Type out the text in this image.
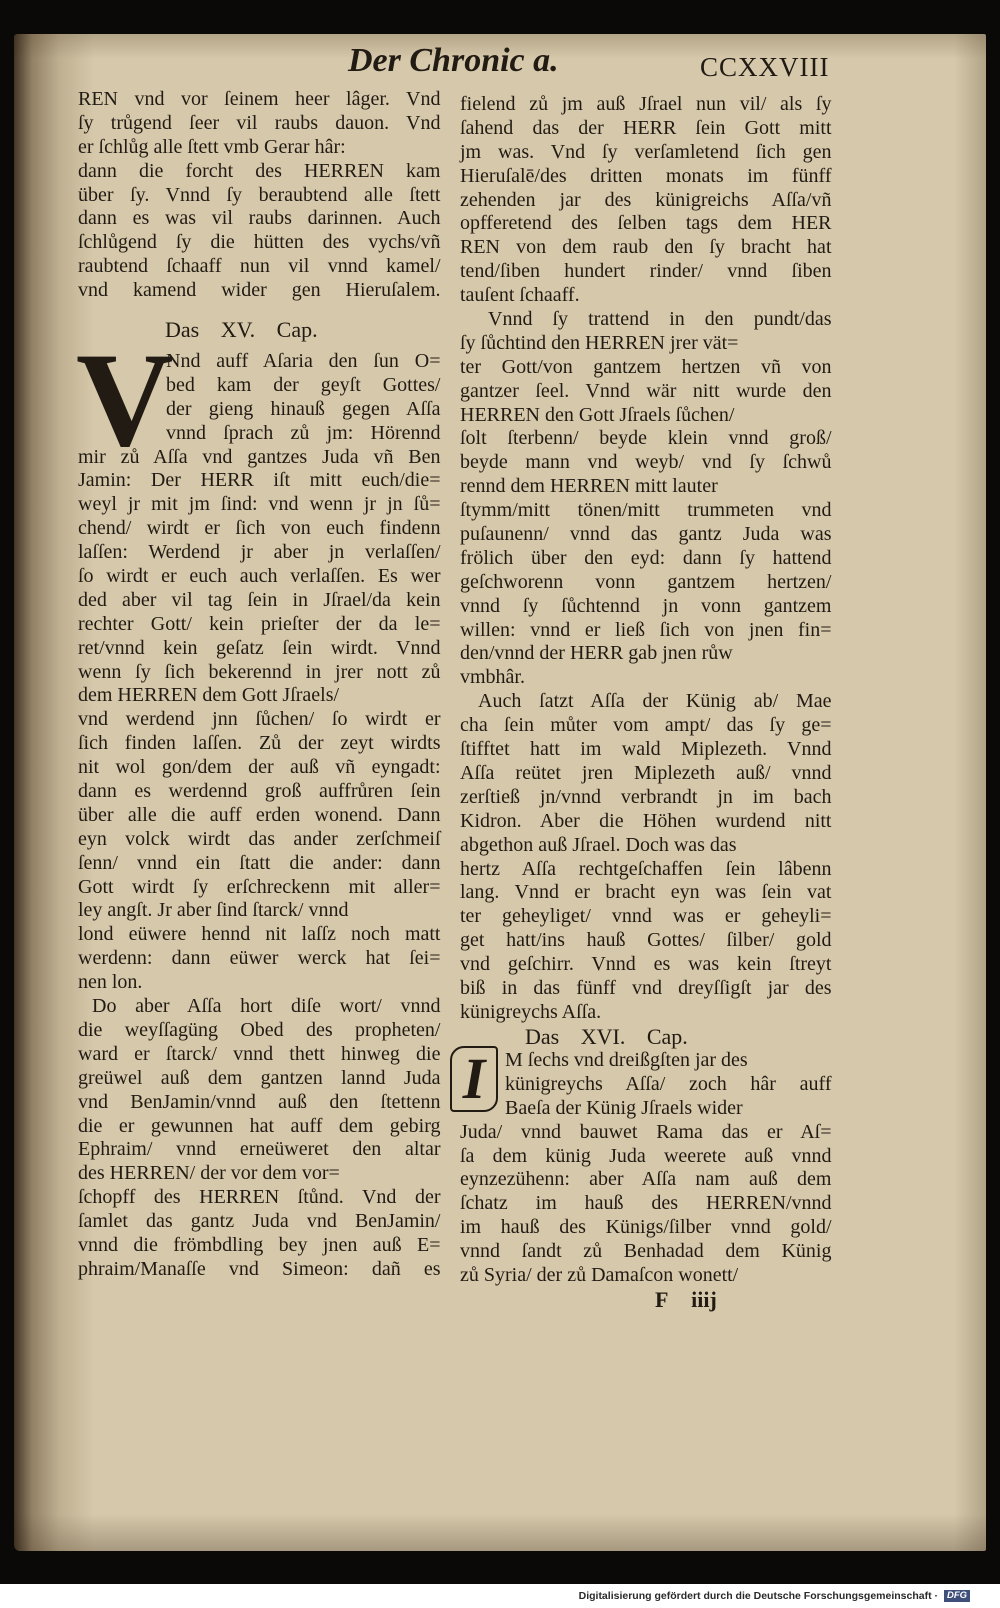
Der Chronic a.	CCXXVIII
REN vnd vor ſeinem heer lâger. Vnd
ſy trůgend ſeer vil raubs dauon. Vnd
er ſchlůg alle ſtett vmb Gerar hâr:
dann die forcht des HERREN kam
über ſy. Vnnd ſy beraubtend alle ſtett
dann es was vil raubs darinnen. Auch
ſchlůgend ſy die hütten des vychs/vñ
raubtend ſchaaff nun vil vnnd kamel/
vnd kamend wider gen Hieruſalem.
Das XV. Cap.
V
Nnd auff Aſaria den ſun O=
bed kam der geyſt Gottes/
der gieng hinauß gegen Aſſa
vnnd ſprach zů jm: Hörennd
mir zů Aſſa vnd gantzes Juda vñ Ben
Jamin: Der HERR iſt mitt euch/die=
weyl jr mit jm ſind: vnd wenn jr jn ſů=
chend/ wirdt er ſich von euch findenn
laſſen: Werdend jr aber jn verlaſſen/
ſo wirdt er euch auch verlaſſen. Es wer
ded aber vil tag ſein in Jſrael/da kein
rechter Gott/ kein prieſter der da le=
ret/vnnd kein geſatz ſein wirdt. Vnnd
wenn ſy ſich bekerennd in jrer nott zů
dem HERREN dem Gott Jſraels/
vnd werdend jnn ſůchen/ ſo wirdt er
ſich finden laſſen. Zů der zeyt wirdts
nit wol gon/dem der auß vñ eyngadt:
dann es werdennd groß auffrůren ſein
über alle die auff erden wonend. Dann
eyn volck wirdt das ander zerſchmeiſ
ſenn/ vnnd ein ſtatt die ander: dann
Gott wirdt ſy erſchreckenn mit aller=
ley angſt. Jr aber ſind ſtarck/ vnnd
lond eüwere hennd nit laſſz noch matt
werdenn: dann eüwer werck hat ſei=
nen lon.
Do aber Aſſa hort diſe wort/ vnnd
die weyſſagüng Obed des propheten/
ward er ſtarck/ vnnd thett hinweg die
greüwel auß dem gantzen lannd Juda
vnd BenJamin/vnnd auß den ſtettenn
die er gewunnen hat auff dem gebirg
Ephraim/ vnnd erneüweret den altar
des HERREN/ der vor dem vor=
ſchopff des HERREN ſtůnd. Vnd der
ſamlet das gantz Juda vnd BenJamin/
vnnd die frömbdling bey jnen auß E=
phraim/Manaſſe vnd Simeon: dañ es
fielend zů jm auß Jſrael nun vil/ als ſy
ſahend das der HERR ſein Gott mitt
jm was. Vnd ſy verſamletend ſich gen
Hieruſalē/des dritten monats im fünff
zehenden jar des künigreichs Aſſa/vñ
opfferetend des ſelben tags dem HER
REN von dem raub den ſy bracht hat
tend/ſiben hundert rinder/ vnnd ſiben
tauſent ſchaaff.
Vnnd ſy trattend in den pundt/das
ſy ſůchtind den HERREN jrer vät=
ter Gott/von gantzem hertzen vñ von
gantzer ſeel. Vnnd wär nitt wurde den
HERREN den Gott Jſraels ſůchen/
ſolt ſterbenn/ beyde klein vnnd groß/
beyde mann vnd weyb/ vnd ſy ſchwů
rennd dem HERREN mitt lauter
ſtymm/mitt tönen/mitt trummeten vnd
puſaunenn/ vnnd das gantz Juda was
frölich über den eyd: dann ſy hattend
geſchworenn vonn gantzem hertzen/
vnnd ſy ſůchtennd jn vonn gantzem
willen: vnnd er ließ ſich von jnen fin=
den/vnnd der HERR gab jnen růw
vmbhâr.
Auch ſatzt Aſſa der Künig ab/ Mae
cha ſein můter vom ampt/ das ſy ge=
ſtifftet hatt im wald Miplezeth. Vnnd
Aſſa reütet jren Miplezeth auß/ vnnd
zerſtieß jn/vnnd verbrandt jn im bach
Kidron. Aber die Höhen wurdend nitt
abgethon auß Jſrael. Doch was das
hertz Aſſa rechtgeſchaffen ſein lâbenn
lang. Vnnd er bracht eyn was ſein vat
ter geheyliget/ vnnd was er geheyli=
get hatt/ins hauß Gottes/ ſilber/ gold
vnd geſchirr. Vnnd es was kein ſtreyt
biß in das fünff vnd dreyſſigſt jar des
künigreychs Aſſa.
Das XVI. Cap.
I M ſechs vnd dreißgſten jar des
künigreychs Aſſa/ zoch hâr auff
Baeſa der Künig Jſraels wider
Juda/ vnnd bauwet Rama das er Aſ=
ſa dem künig Juda weerete auß vnnd
eynzezühenn: aber Aſſa nam auß dem
ſchatz im hauß des HERREN/vnnd
im hauß des Künigs/ſilber vnnd gold/
vnnd ſandt zů Benhadad dem Künig
zů Syria/ der zů Damaſcon wonett/
F iiij
Digitalisierung gefördert durch die Deutsche Forschungsgemeinschaft · DFG
